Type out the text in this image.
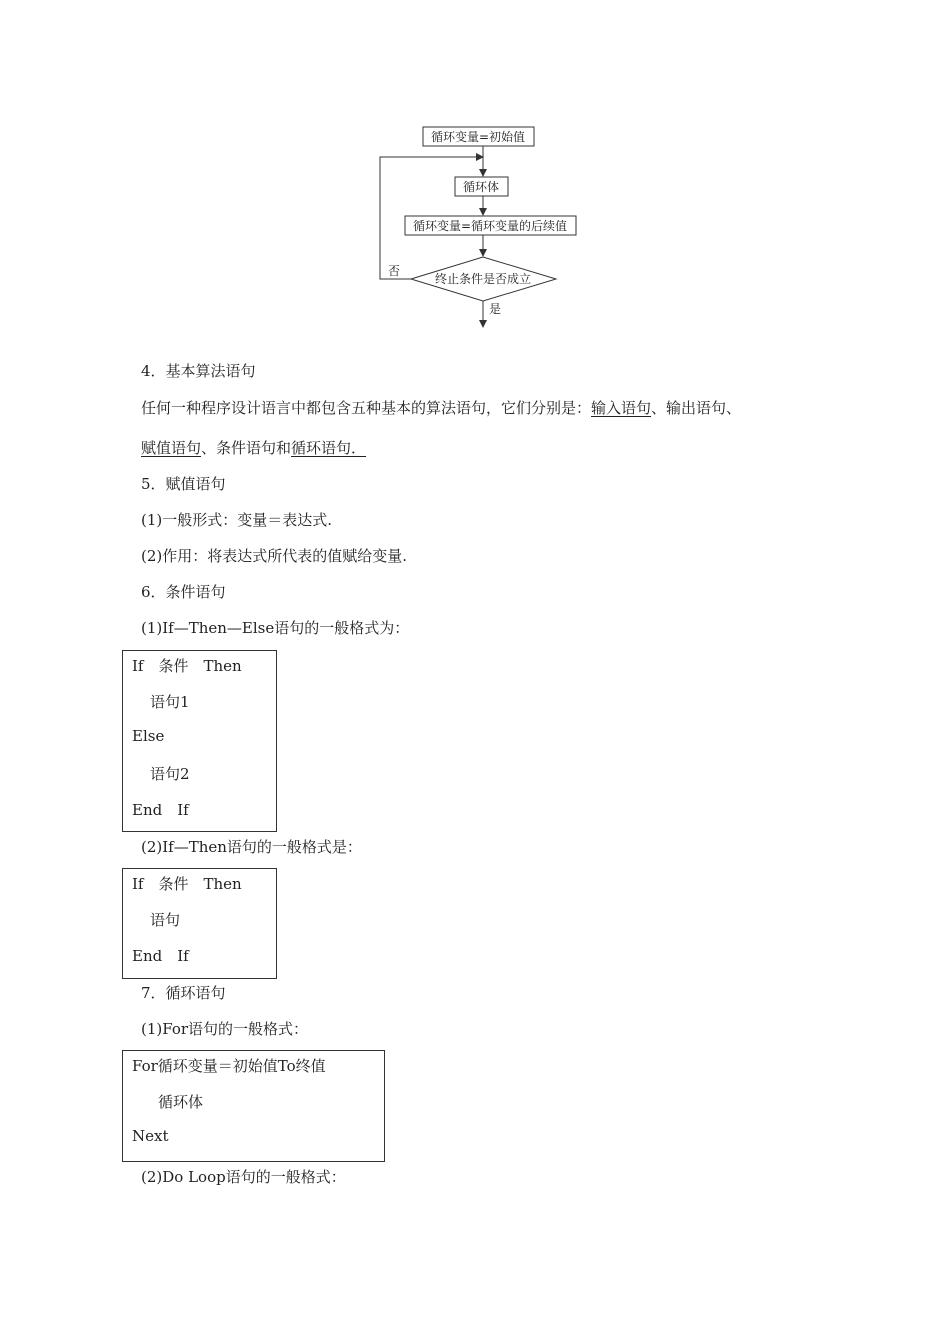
循环变量=初始值
循环体
循环变量=循环变量的后续值
终止条件是否成立
否
是
4．基本算法语句
任何一种程序设计语言中都包含五种基本的算法语句，它们分别是：输入语句、输出语句、
赋值语句、条件语句和循环语句．
5．赋值语句
(1)一般形式：变量＝表达式.
(2)作用：将表达式所代表的值赋给变量.
6．条件语句
(1)If—Then—Else语句的一般格式为：
If　条件　Then
语句1
Else
语句2
End　If
(2)If—Then语句的一般格式是：
If　条件　Then
语句
End　If
7．循环语句
(1)For语句的一般格式：
For循环变量＝初始值To终值
循环体
Next
(2)Do Loop语句的一般格式：
